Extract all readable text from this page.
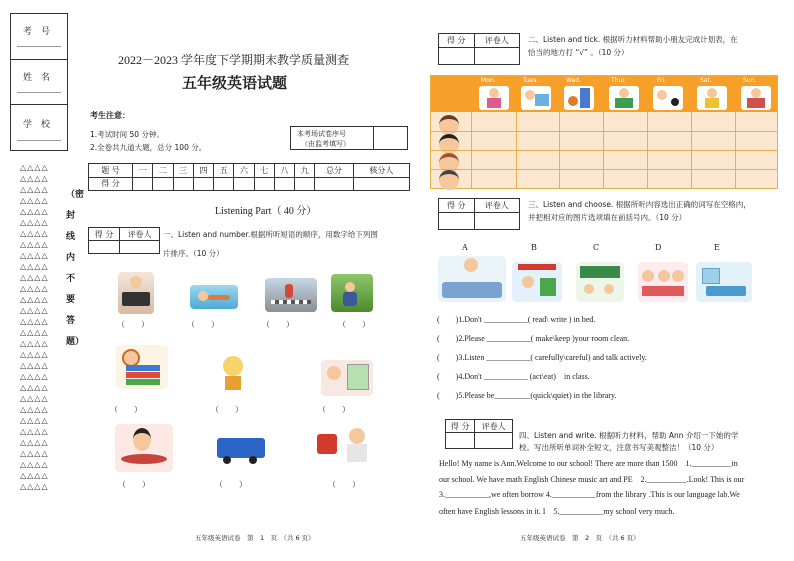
考　号
姓　名
学　校
△△△△
△△△△
△△△△
△△△△
△△△△
△△△△
△△△△
△△△△
△△△△
△△△△
△△△△
△△△△
△△△△
△△△△
△△△△
△△△△
△△△△
△△△△
△△△△
△△△△
△△△△
△△△△
△△△△
△△△△
△△△△
△△△△
△△△△
△△△△
△△△△
△△△△
（密 封 线 内 不 要 答 题）
2022－2023 学年度下学期期末教学质量测查
五年级英语试题
考生注意：
1.考试时间 50 分钟。
2.全卷共九道大题，总分 100 分。
本考场试卷序号
（由监考填写）
题 号	一	二	三	四	五	六	七	八	九	总分	核分人
得 分											
Listening Part（ 40 分）
得 分	评卷人
	一、Listen and number.根据所听短语的顺序，用数字给下列图
片排序。（10 分）
（　　）	（　　）	（　　）	（　　）
（　　）	（　　）	（　　）
（　　）	（　　）	（　　）
五年级英语试卷　第　1　页　（共 6 页）
得 分	评卷人
		二、Listen and tick. 根据听力材料帮助小朋友完成计划表，在
恰当的地方打 “√” 。（10 分）
Mon.	Tues.	Wed.	Thur.	Fri.	Sat.	Sun.
得 分	评卷人
		三、Listen and choose. 根据所听内容选出正确的词写在空格内，
并把相对应的图片选项填在前括号内。（10 分）
A	B	C	D	E
(　　)1.Don't ___________( read\ write ) in bed.
(　　)2.Please ___________( make\keep )your room clean.
(　　)3.Listen ___________( carefully\careful) and talk actively.
(　　)4.Don't ___________ (act\eat)　in class.
(　　)5.Please be_________(quick\quiet) in the library.
得 分	评卷人

四、Listen and write. 根据听力材料，帮助 Ann 介绍一下她的学
校。写出所听单词补全短文，注意书写美观整洁！（10 分）
Hello! My name is Ann.Welcome to our school! There are more than 1500　1.__________in
our school. We have math English Chinese music art and PE　2.__________.Look! This is our
3.___________,we often borrow 4.___________from the library .This is our language lab.We
often have English lessons in it. I　5.___________my school very much.
五年级英语试卷　第　2　页　（共 6 页）
